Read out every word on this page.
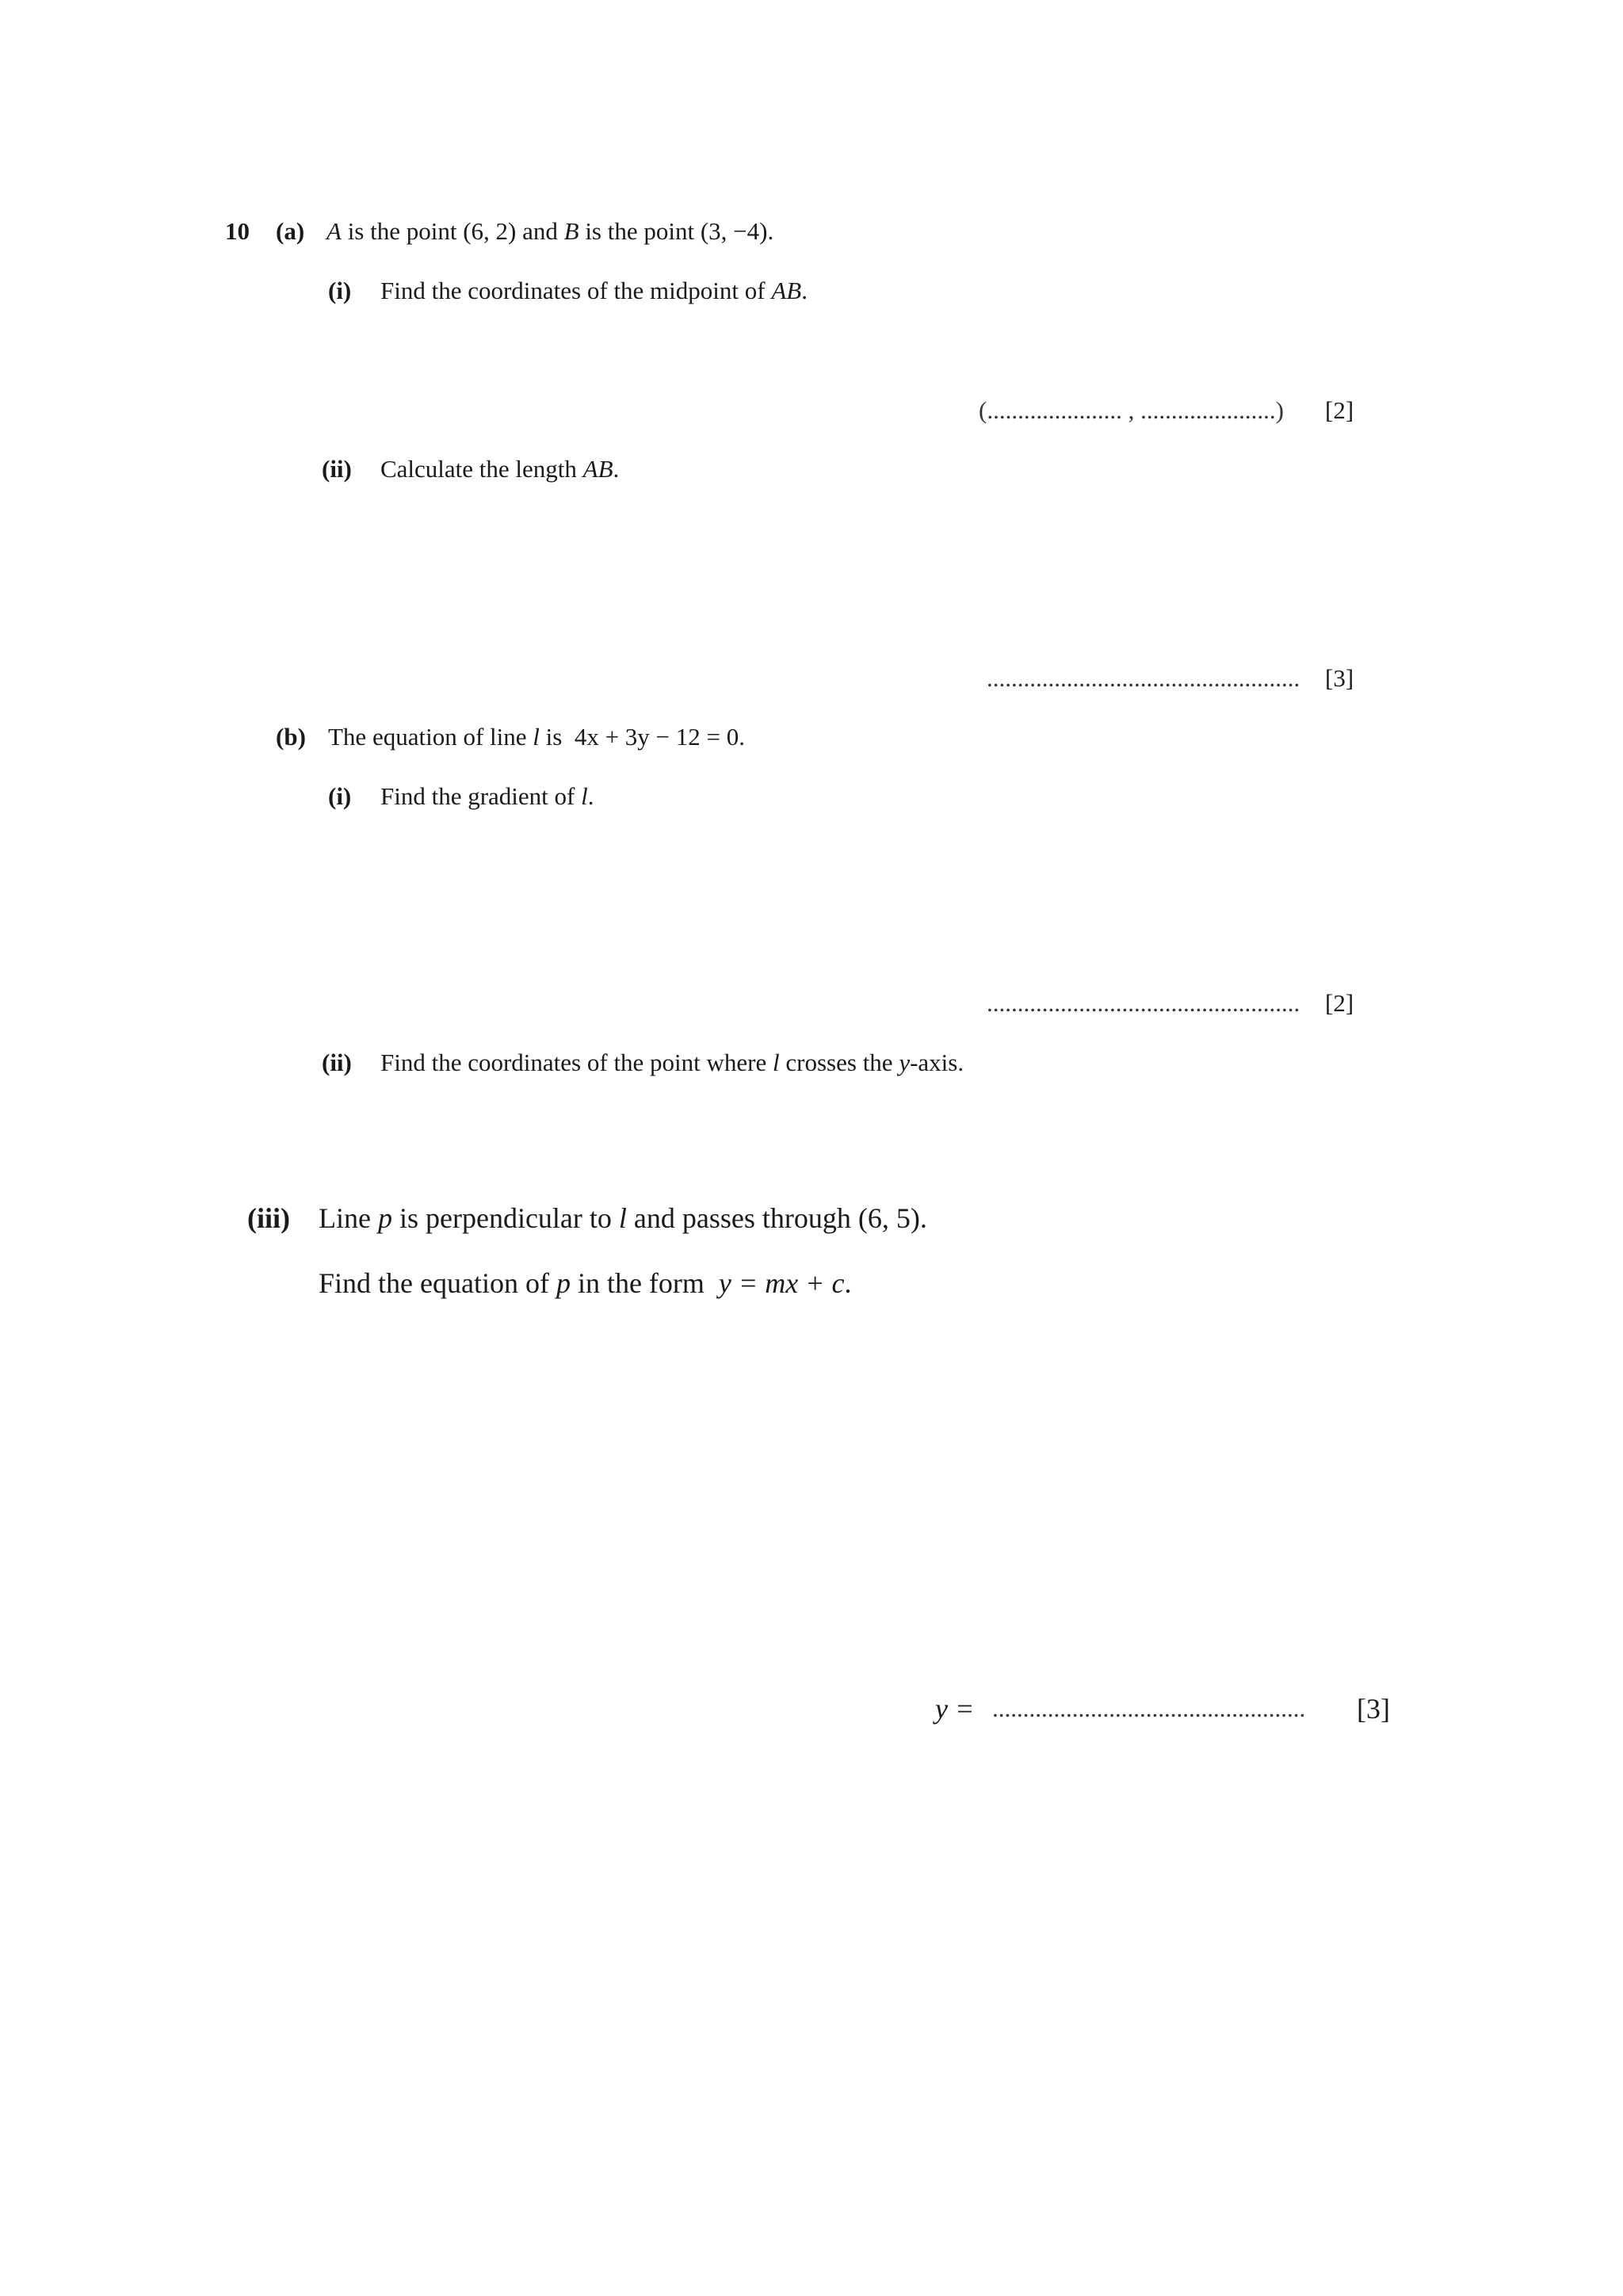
10 (a) A is the point (6, 2) and B is the point (3, −4).
(i) Find the coordinates of the midpoint of AB.
(...................... , ......................) [2]
(ii) Calculate the length AB.
................................................... [3]
(b) The equation of line l is  4x + 3y − 12 = 0.
(i) Find the gradient of l.
................................................... [2]
(ii) Find the coordinates of the point where l crosses the y-axis.
(iii) Line p is perpendicular to l and passes through (6, 5).
Find the equation of p in the form  y = mx + c.
y = ................................................... [3]
